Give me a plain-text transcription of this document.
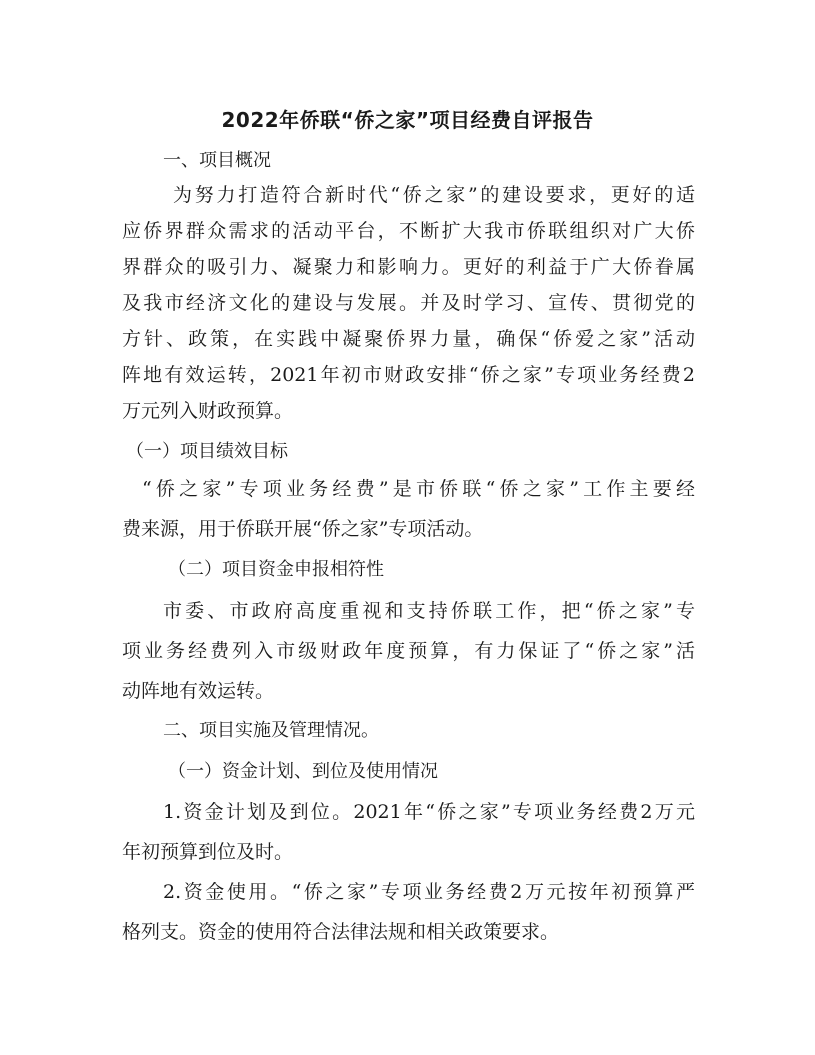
2022年侨联“侨之家”项目经费自评报告

一、项目概况

为努力打造符合新时代“侨之家”的建设要求，更好的适

应侨界群众需求的活动平台，不断扩大我市侨联组织对广大侨

界群众的吸引力、凝聚力和影响力。更好的利益于广大侨眷属

及我市经济文化的建设与发展。并及时学习、宣传、贯彻党的

方针、政策，在实践中凝聚侨界力量，确保“侨爱之家”活动

阵地有效运转，2021年初市财政安排“侨之家”专项业务经费2

万元列入财政预算。

（一）项目绩效目标

“侨之家”专项业务经费”是市侨联“侨之家”工作主要经

费来源，用于侨联开展“侨之家”专项活动。

（二）项目资金申报相符性

市委、市政府高度重视和支持侨联工作，把“侨之家”专

项业务经费列入市级财政年度预算，有力保证了“侨之家”活

动阵地有效运转。

二、项目实施及管理情况。

（一）资金计划、到位及使用情况

1.资金计划及到位。2021年“侨之家”专项业务经费2万元

年初预算到位及时。

2.资金使用。“侨之家”专项业务经费2万元按年初预算严

格列支。资金的使用符合法律法规和相关政策要求。
